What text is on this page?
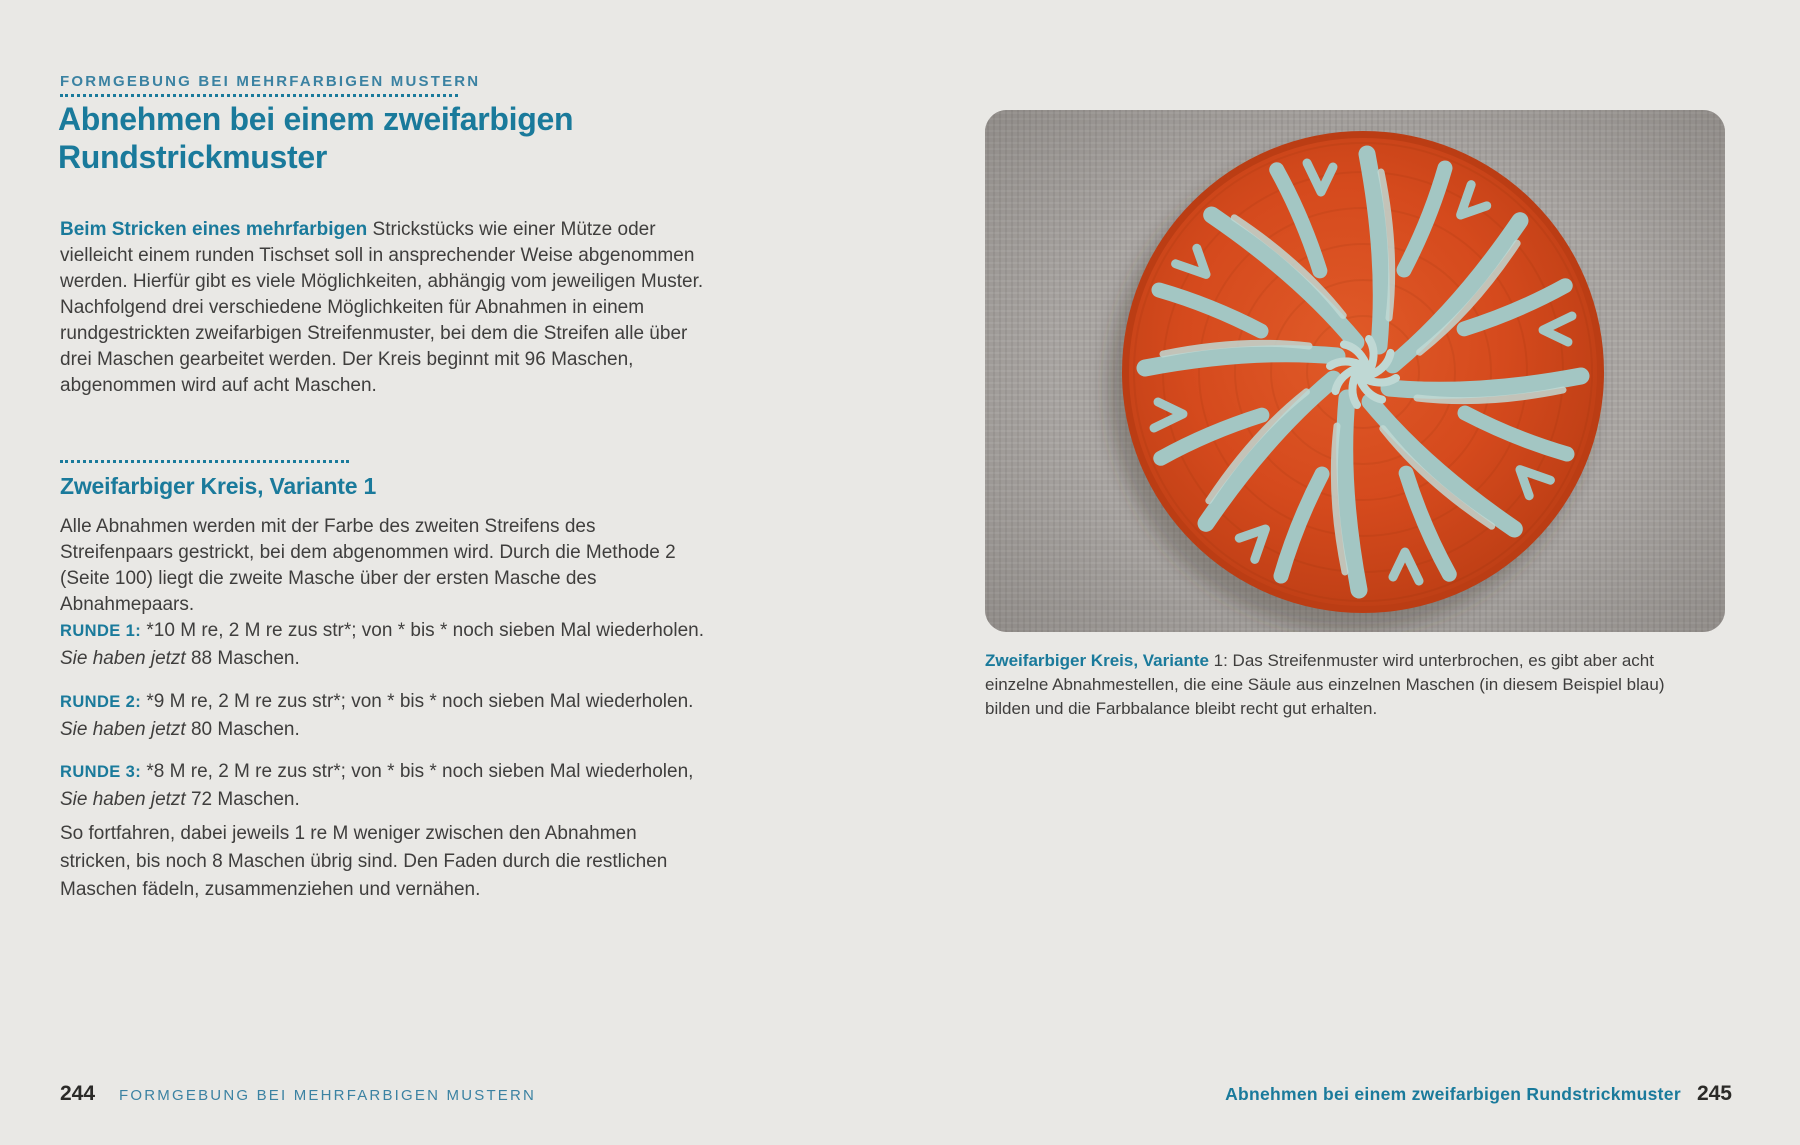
FORMGEBUNG BEI MEHRFARBIGEN MUSTERN
Abnehmen bei einem zweifarbigen
Rundstrickmuster

Beim Stricken eines mehrfarbigen Strickstücks wie einer Mütze oder vielleicht einem runden Tischset soll in ansprechender Weise abgenommen werden. Hierfür gibt es viele Möglichkeiten, abhängig vom jeweiligen Muster. Nachfolgend drei verschiedene Möglichkeiten für Abnahmen in einem rundgestrickten zweifarbigen Streifenmuster, bei dem die Streifen alle über drei Maschen gearbeitet werden. Der Kreis beginnt mit 96 Maschen, abgenommen wird auf acht Maschen.

Zweifarbiger Kreis, Variante 1

Alle Abnahmen werden mit der Farbe des zweiten Streifens des Streifenpaars gestrickt, bei dem abgenommen wird. Durch die Methode 2 (Seite 100) liegt die zweite Masche über der ersten Masche des Abnahmepaars.

RUNDE 1: *10 M re, 2 M re zus str*; von * bis * noch sieben Mal wiederholen. Sie haben jetzt 88 Maschen.

RUNDE 2: *9 M re, 2 M re zus str*; von * bis * noch sieben Mal wiederholen. Sie haben jetzt 80 Maschen.

RUNDE 3: *8 M re, 2 M re zus str*; von * bis * noch sieben Mal wiederholen, Sie haben jetzt 72 Maschen.

So fortfahren, dabei jeweils 1 re M weniger zwischen den Abnahmen stricken, bis noch 8 Maschen übrig sind. Den Faden durch die restlichen Maschen fädeln, zusammenziehen und vernähen.

Zweifarbiger Kreis, Variante 1: Das Streifenmuster wird unterbrochen, es gibt aber acht einzelne Abnahmestellen, die eine Säule aus einzelnen Maschen (in diesem Beispiel blau) bilden und die Farbbalance bleibt recht gut erhalten.
244 FORMGEBUNG BEI MEHRFARBIGEN MUSTERN	Abnehmen bei einem zweifarbigen Rundstrickmuster 245
